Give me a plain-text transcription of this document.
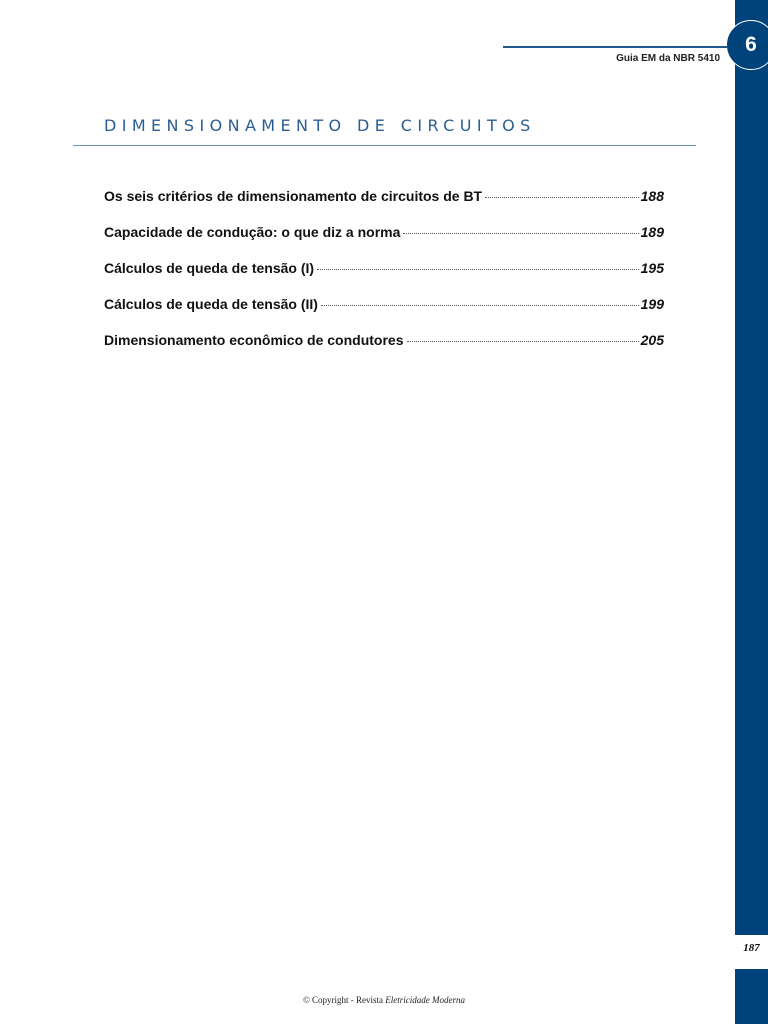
6
Guia EM da NBR 5410
DIMENSIONAMENTO DE CIRCUITOS
Os seis critérios de dimensionamento de circuitos de BT	188
Capacidade de condução: o que diz a norma	189
Cálculos de queda de tensão (I)	195
Cálculos de queda de tensão (II)	199
Dimensionamento econômico de condutores	205
187
© Copyright - Revista Eletricidade Moderna
